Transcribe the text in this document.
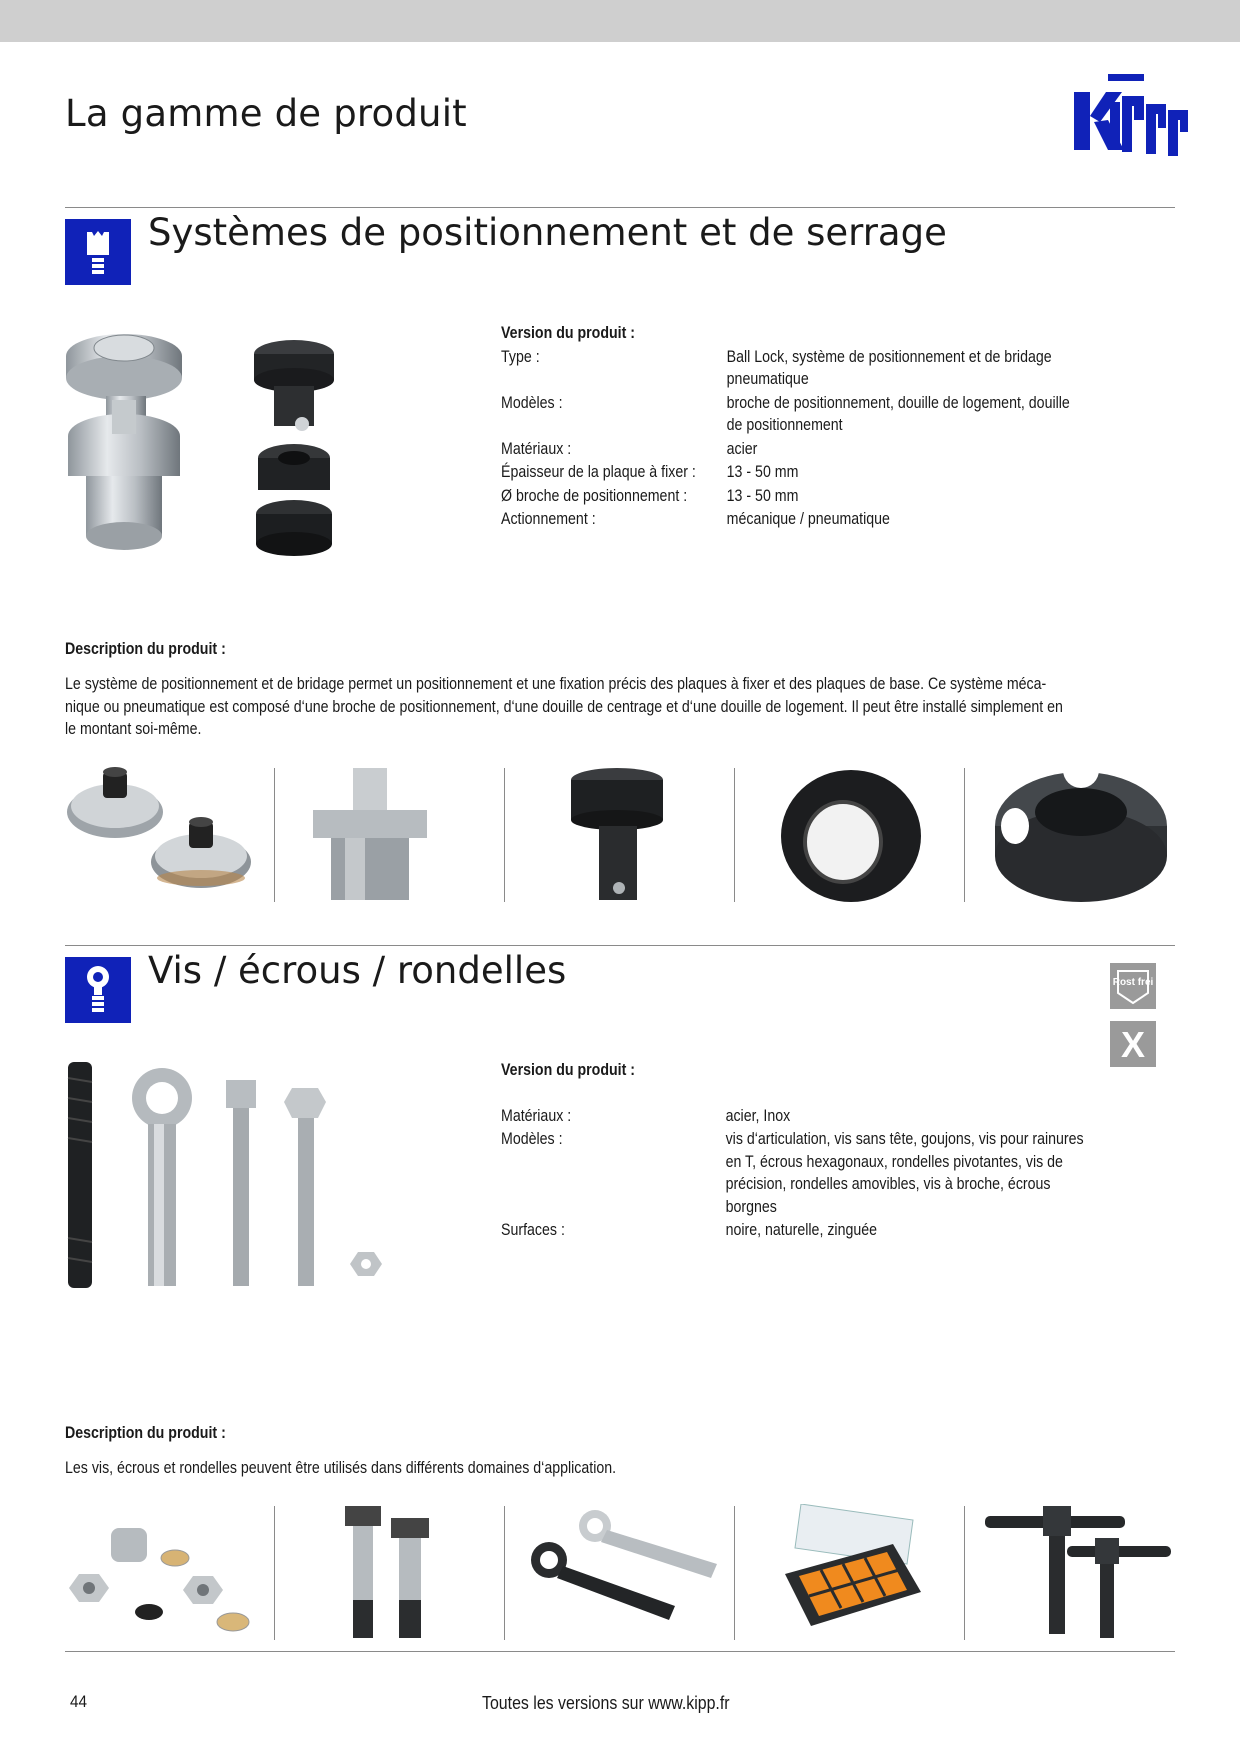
La gamme de produit
Systèmes de positionnement et de serrage
Version du produit :
Type :	Ball Lock, système de positionnement et de bridage pneumatique
Modèles :	broche de positionnement, douille de logement, douille de positionnement
Matériaux :	acier
Épaisseur de la plaque à fixer :	13 - 50 mm
Ø broche de positionnement :	13 - 50 mm
Actionnement :	mécanique / pneumatique
Description du produit :
Le système de positionnement et de bridage permet un positionnement et une fixation précis des plaques à fixer et des plaques de base. Ce système méca-
nique ou pneumatique est composé d‘une broche de positionnement, d‘une douille de centrage et d‘une douille de logement. Il peut être installé simplement en
le montant soi-même.
Vis / écrous / rondelles	Rost frei
X
Version du produit :
Matériaux :	acier, Inox
Modèles :	vis d‘articulation, vis sans tête, goujons, vis pour rainures en T, écrous hexagonaux, rondelles pivotantes, vis de précision, rondelles amovibles, vis à broche, écrous borgnes
Surfaces :	noire, naturelle, zinguée
Description du produit :
Les vis, écrous et rondelles peuvent être utilisés dans différents domaines d‘application.
44	Toutes les versions sur www.kipp.fr
